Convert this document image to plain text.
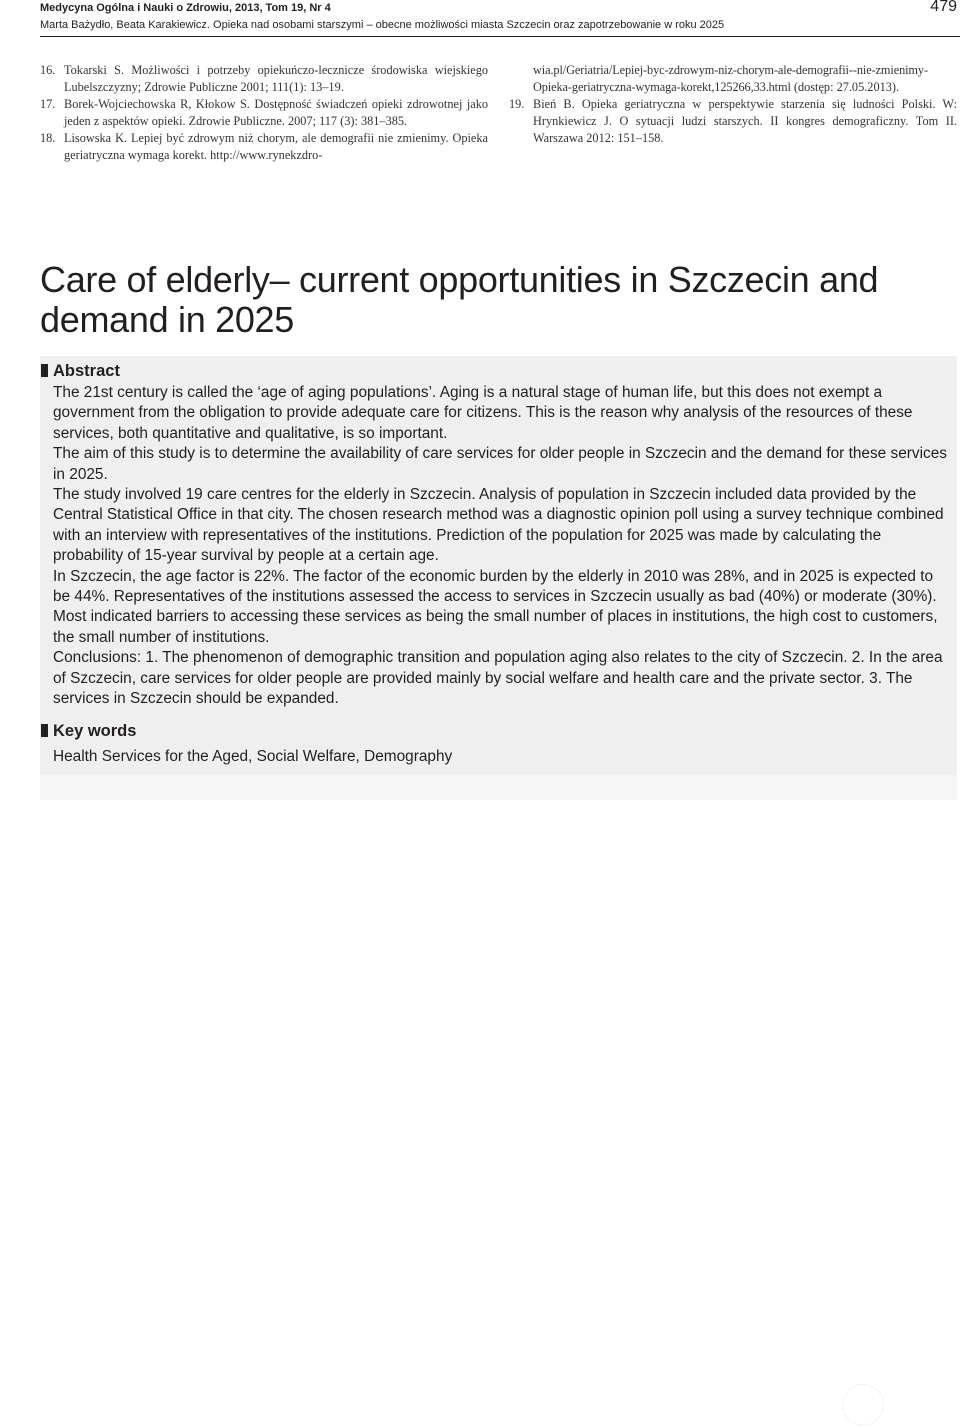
Medycyna Ogólna i Nauki o Zdrowiu, 2013, Tom 19, Nr 4
Marta Bażydło, Beata Karakiewicz. Opieka nad osobami starszymi – obecne możliwości miasta Szczecin oraz zapotrzebowanie w roku 2025
479

16. Tokarski S. Możliwości i potrzeby opiekuńczo-lecznicze środowiska wiejskiego Lubelszczyzny; Zdrowie Publiczne 2001; 111(1): 13–19.

17. Borek-Wojciechowska R, Kłokow S. Dostępność świadczeń opieki zdrowotnej jako jeden z aspektów opieki. Zdrowie Publiczne. 2007; 117 (3): 381–385.

18. Lisowska K. Lepiej być zdrowym niż chorym, ale demografii nie zmienimy. Opieka geriatryczna wymaga korekt. http://www.rynekzdro-

wia.pl/Geriatria/Lepiej-byc-zdrowym-niz-chorym-ale-demografii--nie-zmienimy-Opieka-geriatryczna-wymaga-korekt,125266,33.html (dostęp: 27.05.2013).

19. Bień B. Opieka geriatryczna w perspektywie starzenia się ludności Polski. W: Hrynkiewicz J. O sytuacji ludzi starszych. II kongres demograficzny. Tom II. Warszawa 2012: 151–158.

Care of elderly– current opportunities in Szczecin and demand in 2025
Abstract

The 21st century is called the ‘age of aging populations’. Aging is a natural stage of human life, but this does not exempt a government from the obligation to provide adequate care for citizens. This is the reason why analysis of the resources of these services, both quantitative and qualitative, is so important.

The aim of this study is to determine the availability of care services for older people in Szczecin and the demand for these services in 2025.

The study involved 19 care centres for the elderly in Szczecin. Analysis of population in Szczecin included data provided by the Central Statistical Office in that city. The chosen research method was a diagnostic opinion poll using a survey technique combined with an interview with representatives of the institutions. Prediction of the population for 2025 was made by calculating the probability of 15-year survival by people at a certain age.

In Szczecin, the age factor is 22%. The factor of the economic burden by the elderly in 2010 was 28%, and in 2025 is expected to be 44%. Representatives of the institutions assessed the access to services in Szczecin usually as bad (40%) or moderate (30%). Most indicated barriers to accessing these services as being the small number of places in institutions, the high cost to customers, the small number of institutions.

Conclusions: 1. The phenomenon of demographic transition and population aging also relates to the city of Szczecin. 2. In the area of Szczecin, care services for older people are provided mainly by social welfare and health care and the private sector. 3. The services in Szczecin should be expanded.

Key words
Health Services for the Aged, Social Welfare, Demography
